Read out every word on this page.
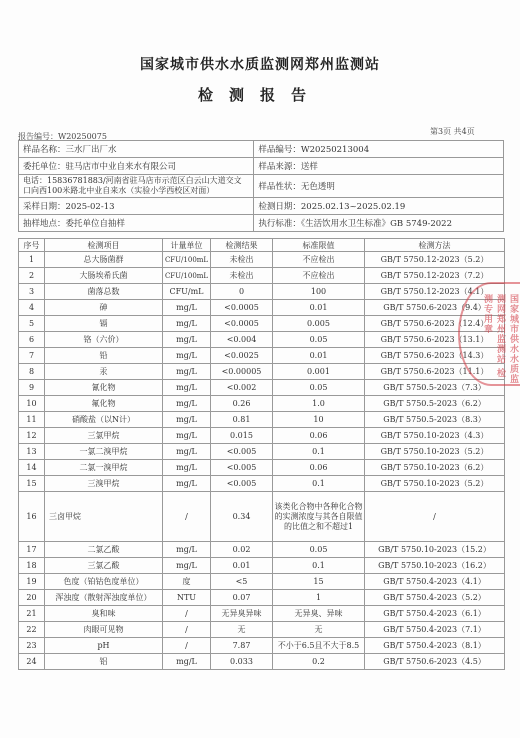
国家城市供水水质监测网郑州监测站
检测报告
第3页 共4页
报告编号：W20250075
样品名称：三水厂出厂水	样品编号：W20250213004
委托单位：驻马店市中业自来水有限公司	样品来源：送样
电话：15836781883/河南省驻马店市示范区白云山大道交文口向西100米路北中业自来水（实验小学西校区对面）	样品性状：无色透明
采样日期：2025-02-13	检测日期：2025.02.13~2025.02.19
抽样地点：委托单位自抽样	执行标准：《生活饮用水卫生标准》GB 5749-2022
序号	检测项目	计量单位	检测结果	标准限值	检测方法
1	总大肠菌群	CFU/100mL	未检出	不应检出	GB/T 5750.12-2023（5.2）
2	大肠埃希氏菌	CFU/100mL	未检出	不应检出	GB/T 5750.12-2023（7.2）
3	菌落总数	CFU/mL	0	100	GB/T 5750.12-2023（4.1）
4	砷	mg/L	<0.0005	0.01	GB/T 5750.6-2023（9.4）
5	镉	mg/L	<0.0005	0.005	GB/T 5750.6-2023（12.4）
6	铬（六价）	mg/L	<0.004	0.05	GB/T 5750.6-2023（13.1）
7	铅	mg/L	<0.0025	0.01	GB/T 5750.6-2023（14.3）
8	汞	mg/L	<0.00005	0.001	GB/T 5750.6-2023（11.1）
9	氰化物	mg/L	<0.002	0.05	GB/T 5750.5-2023（7.3）
10	氟化物	mg/L	0.26	1.0	GB/T 5750.5-2023（6.2）
11	硝酸盐（以N计）	mg/L	0.81	10	GB/T 5750.5-2023（8.3）
12	三氯甲烷	mg/L	0.015	0.06	GB/T 5750.10-2023（4.3）
13	一氯二溴甲烷	mg/L	<0.005	0.1	GB/T 5750.10-2023（5.2）
14	二氯一溴甲烷	mg/L	<0.005	0.06	GB/T 5750.10-2023（6.2）
15	三溴甲烷	mg/L	<0.005	0.1	GB/T 5750.10-2023（5.2）
16	三卤甲烷	/	0.34	该类化合物中各种化合物的实测浓度与其各自限值的比值之和不超过1	/
17	二氯乙酸	mg/L	0.02	0.05	GB/T 5750.10-2023（15.2）
18	三氯乙酸	mg/L	0.01	0.1	GB/T 5750.10-2023（16.2）
19	色度（铂钴色度单位）	度	<5	15	GB/T 5750.4-2023（4.1）
20	浑浊度（散射浑浊度单位）	NTU	0.07	1	GB/T 5750.4-2023（5.2）
21	臭和味	/	无异臭异味	无异臭、异味	GB/T 5750.4-2023（6.1）
22	肉眼可见物	/	无	无	GB/T 5750.4-2023（7.1）
23	pH	/	7.87	不小于6.5且不大于8.5	GB/T 5750.4-2023（8.1）
24	铝	mg/L	0.033	0.2	GB/T 5750.6-2023（4.5）
国家城市供水水质监测网郑州监测站 检测专用章
